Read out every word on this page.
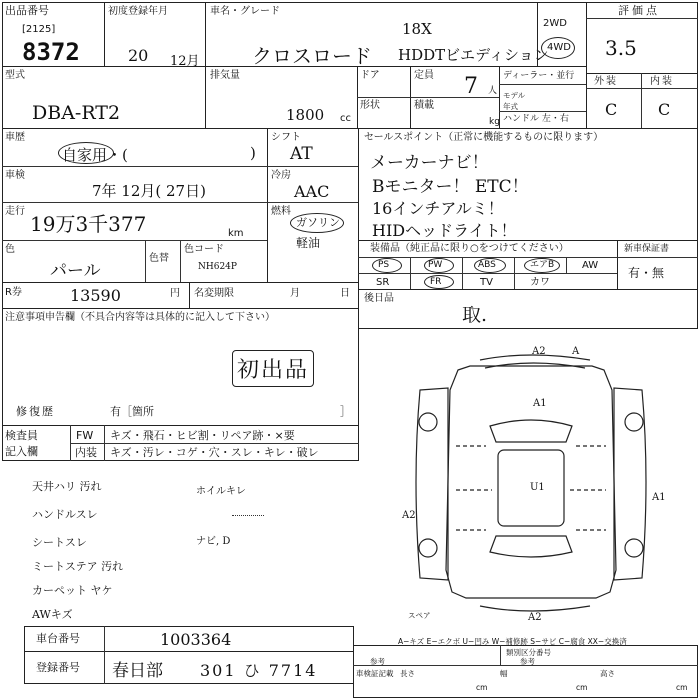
出品番号
[2125]
8372
初度登録年月
20 12月
車名・グレード
18X
クロスロード HDDTビエディション
2WD
4WD
評価点
3.5
型式
DBA-RT2
排気量
1800 cc
ドア
形状
定員 7 人
積載
kg
ディーラー・並行
モデル年式
ハンドル 左・右
外装	内装
C	C
車歴
自家用・(	)
車検
7年 12月( 27日)
走行
19万3千377	km
色
パール
色替
色コード
NH624P
シフト
AT
冷房
AAC
燃料
ガソリン
軽油
セールスポイント（正常に機能するものに限ります）
メーカーナビ！
Bモニター！ ETC！
16インチアルミ！
HIDヘッドライト！
装備品（純正品に限り○をつけてください）
PS	PW	ABS	エアB	AW
SR	FR	TV	カワ
新車保証書
有・無
R券	13590	円 名変期限	月	日
注意事項申告欄（不具合内容等は具体的に記入して下さい）
初出品
修復歴	有［箇所	］
後日品
取.
検査員
記入欄
FW キズ・飛石・ヒビ割・リペア跡・×要
内装 キズ・汚レ・コゲ・穴・スレ・キレ・破レ
天井ハリ 汚れ
ハンドルスレ
シートスレ
ミートステア 汚れ
カーペット ヤケ
AWキズ
ホイルキレ
ナビ, D
A2	A
A1
U1
A1
A2
A2
スペア
A−キズ E−エクボ U−凹み W−補修跡 S−サビ C−腐食 XX−交換済
車台番号	1003364
登録番号 春日部 301 ひ 7714	参考
類別区分番号
参考
車検証記載 長さ
cm
幅
cm
高さ
cm
